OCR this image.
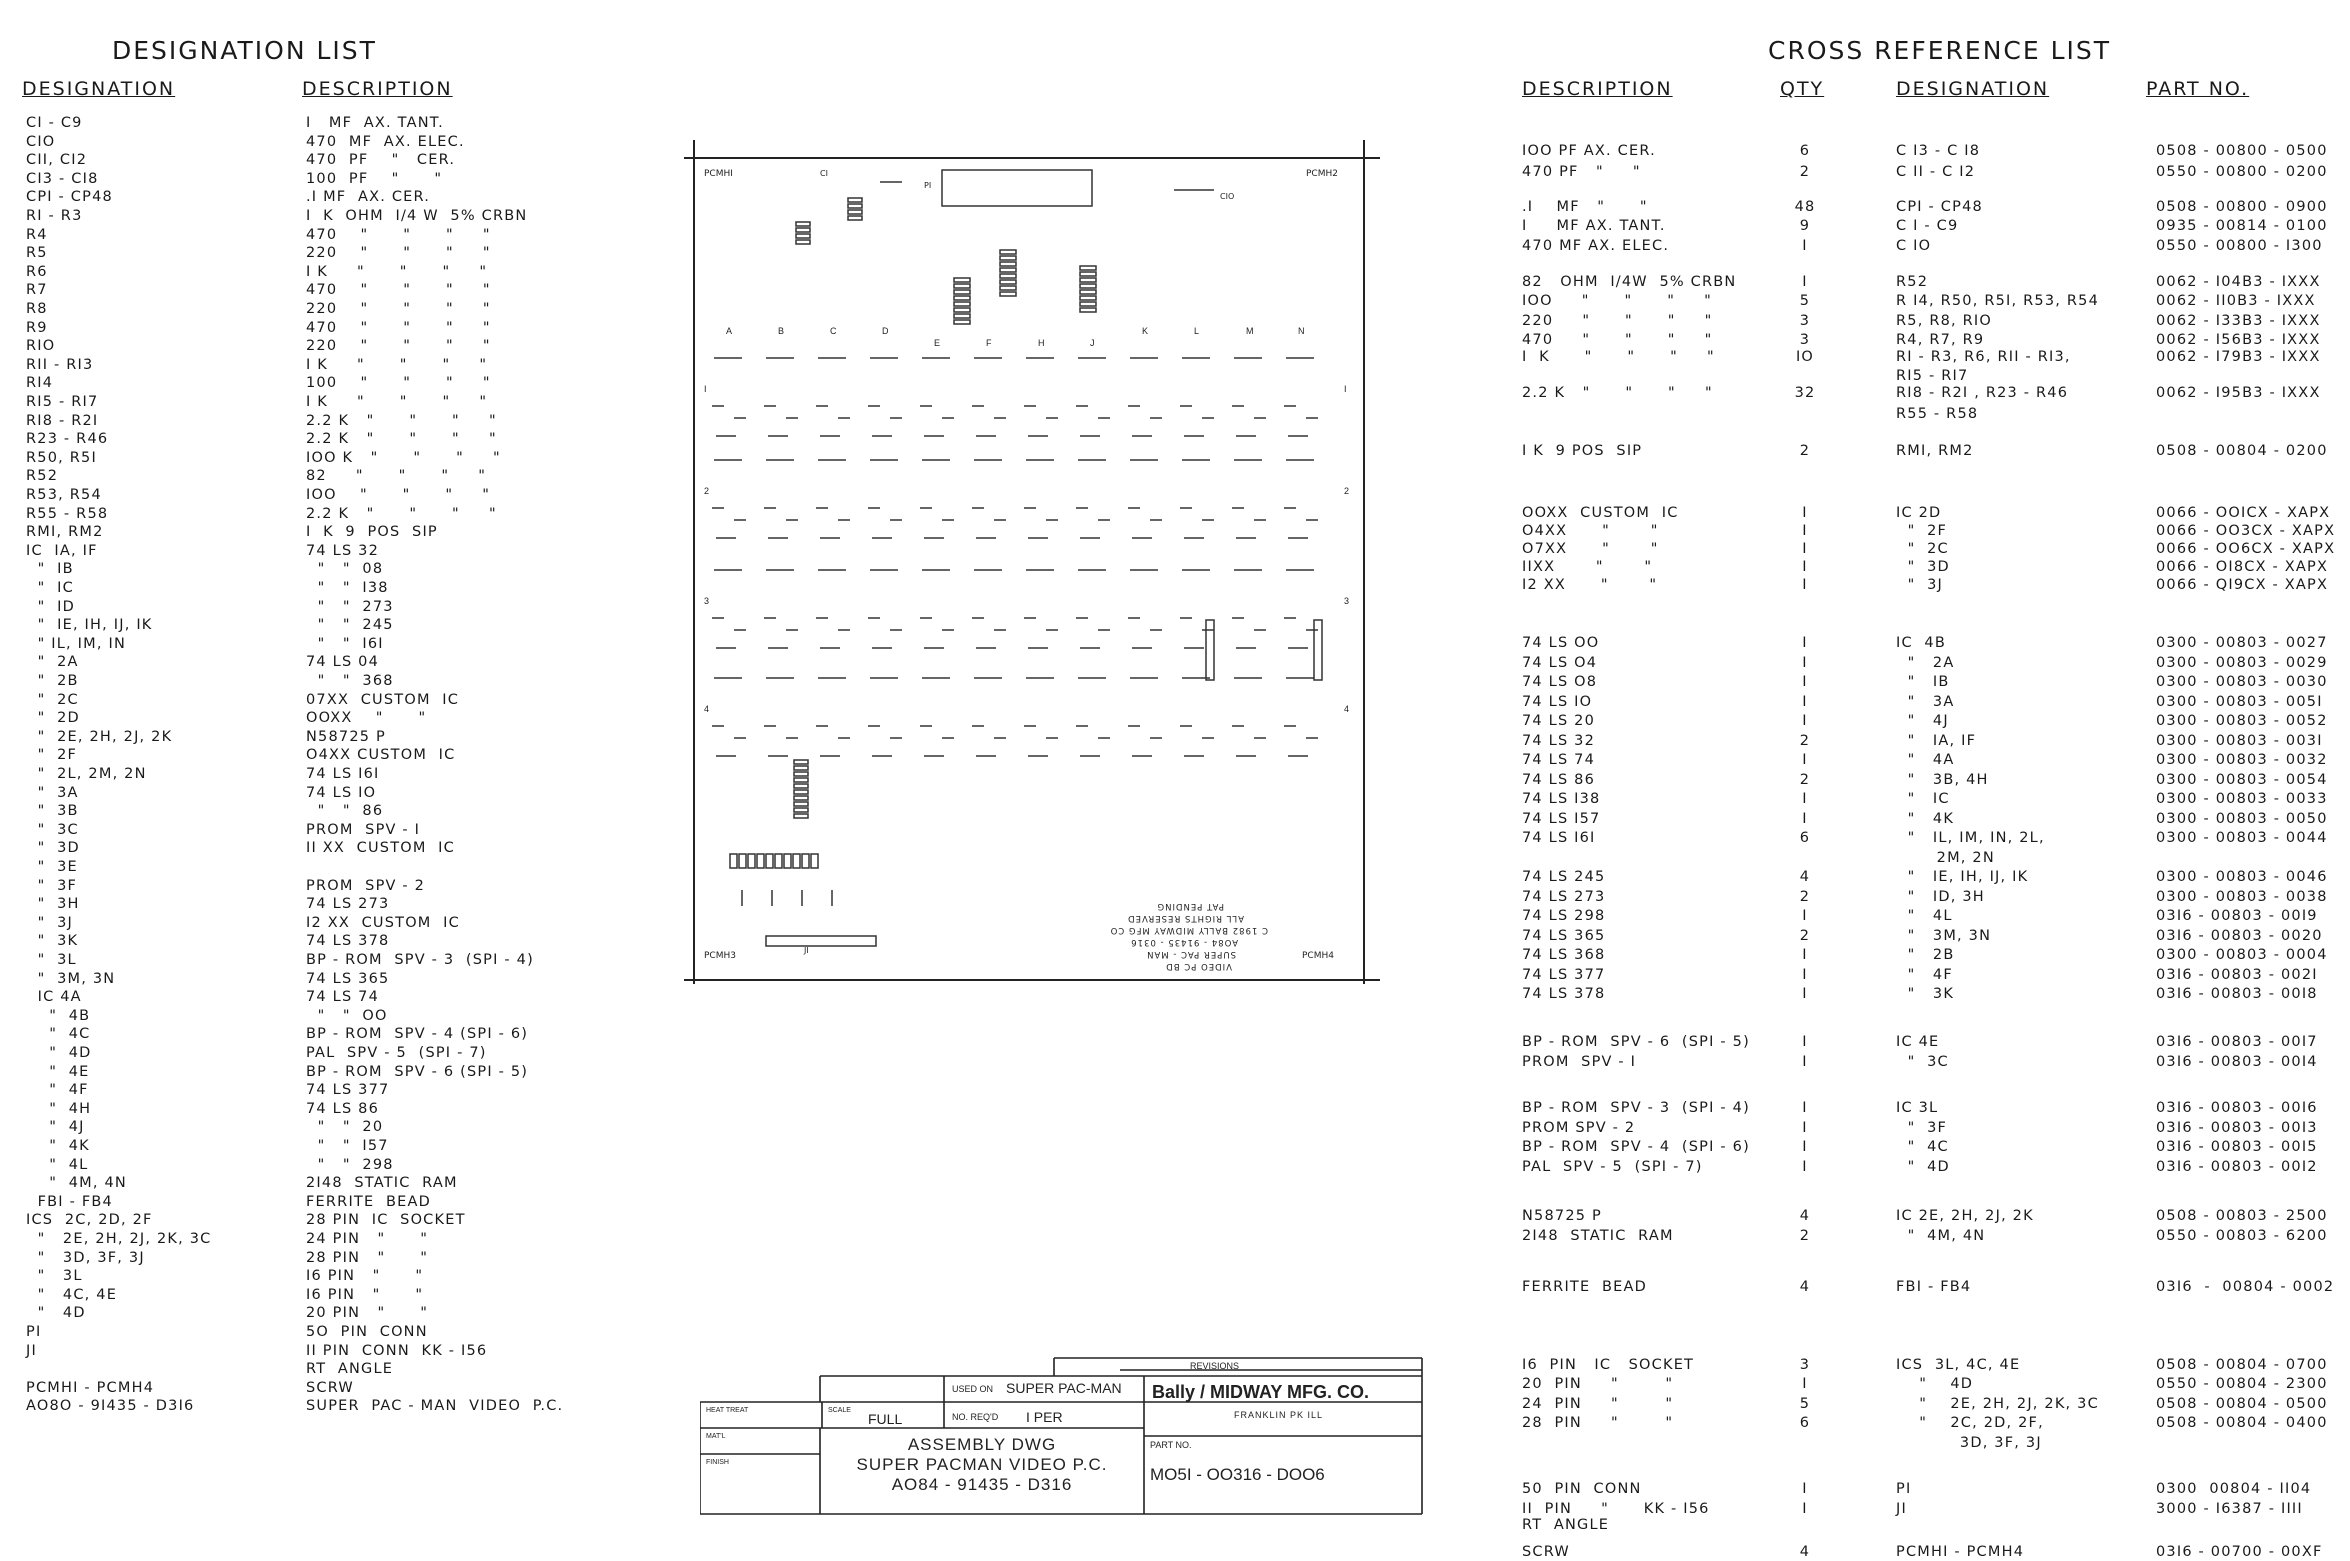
DESIGNATION LIST
DESIGNATION	DESCRIPTION
CI - C9	I   MF  AX. TANT.
CIO	470  MF  AX. ELEC.
CII, CI2	470  PF    "   CER.
CI3 - CI8	100  PF    "      "
CPI - CP48	.I MF  AX. CER.
RI - R3	I  K  OHM  I/4 W  5% CRBN
R4	470    "      "      "     "
R5	220    "      "      "     "
R6	I K     "      "      "     "
R7	470    "      "      "     "
R8	220    "      "      "     "
R9	470    "      "      "     "
RIO	220    "      "      "     "
RII - RI3	I K     "      "      "     "
RI4	100    "      "      "     "
RI5 - RI7	I K     "      "      "     "
RI8 - R2I	2.2 K   "      "      "     "
R23 - R46	2.2 K   "      "      "     "
R50, R5I	IOO K   "      "      "     "
R52	82     "      "      "     "
R53, R54	IOO    "      "      "     "
R55 - R58	2.2 K   "      "      "     "
RMI, RM2	I  K  9  POS  SIP
IC  IA, IF	74 LS 32
"  IB	"   "  08
"  IC	"   "  I38
"  ID	"   "  273
"  IE, IH, IJ, IK	"   "  245
" IL, IM, IN	"   "  I6I
"  2A	74 LS 04
"  2B	"   "  368
"  2C	07XX  CUSTOM  IC
"  2D	OOXX    "      "
"  2E, 2H, 2J, 2K	N58725 P
"  2F	O4XX CUSTOM  IC
"  2L, 2M, 2N	74 LS I6I
"  3A	74 LS IO
"  3B	"   "  86
"  3C	PROM  SPV - I
"  3D	II XX  CUSTOM  IC
"  3E
"  3F	PROM  SPV - 2
"  3H	74 LS 273
"  3J	I2 XX  CUSTOM  IC
"  3K	74 LS 378
"  3L	BP - ROM  SPV - 3  (SPI - 4)
"  3M, 3N	74 LS 365
IC 4A	74 LS 74
"  4B	"   "  OO
"  4C	BP - ROM  SPV - 4 (SPI - 6)
"  4D	PAL  SPV - 5  (SPI - 7)
"  4E	BP - ROM  SPV - 6 (SPI - 5)
"  4F	74 LS 377
"  4H	74 LS 86
"  4J	"   "  20
"  4K	"   "  I57
"  4L	"   "  298
"  4M, 4N	2I48  STATIC  RAM
FBI - FB4	FERRITE  BEAD
ICS  2C, 2D, 2F	28 PIN  IC  SOCKET
"   2E, 2H, 2J, 2K, 3C	24 PIN   "      "
"   3D, 3F, 3J	28 PIN   "      "
"   3L	I6 PIN   "      "
"   4C, 4E	I6 PIN   "      "
"   4D	20 PIN   "      "
PI	5O  PIN  CONN
JI	II PIN  CONN  KK - I56
RT  ANGLE
PCMHI - PCMH4	SCRW
AO8O - 9I435 - D3I6	SUPER  PAC - MAN  VIDEO  P.C.
CROSS REFERENCE LIST
DESCRIPTION	QTY	DESIGNATION	PART NO.
IOO PF AX. CER.	6	C I3 - C I8	0508 - 00800 - 0500
470 PF   "     "	2	C II - C I2	0550 - 00800 - 0200
.I    MF   "      "	48	CPI - CP48	0508 - 00800 - 0900
I     MF AX. TANT.	9	C I - C9	0935 - 00814 - 0100
470 MF AX. ELEC.	I	C IO	0550 - 00800 - I300
82   OHM  I/4W  5% CRBN	I	R52	0062 - I04B3 - IXXX
IOO     "      "      "     "	5	R I4, R50, R5I, R53, R54	0062 - II0B3 - IXXX
220     "      "      "     "	3	R5, R8, RIO	0062 - I33B3 - IXXX
470     "      "      "     "	3	R4, R7, R9	0062 - I56B3 - IXXX
I  K      "      "      "     "	IO	RI - R3, R6, RII - RI3,	0062 - I79B3 - IXXX
RI5 - RI7
2.2 K   "      "      "     "	32	RI8 - R2I , R23 - R46	0062 - I95B3 - IXXX
R55 - R58
I K  9 POS  SIP	2	RMI, RM2	0508 - 00804 - 0200
OOXX  CUSTOM  IC	I	IC 2D	0066 - OOICX - XAPX
O4XX      "       "	I	"  2F	0066 - OO3CX - XAPX
O7XX      "       "	I	"  2C	0066 - OO6CX - XAPX
IIXX       "       "	I	"  3D	0066 - OI8CX - XAPX
I2 XX      "       "	I	"  3J	0066 - QI9CX - XAPX
74 LS OO	I	IC  4B	0300 - 00803 - 0027
74 LS O4	I	"   2A	0300 - 00803 - 0029
74 LS O8	I	"   IB	0300 - 00803 - 0030
74 LS IO	I	"   3A	0300 - 00803 - 005I
74 LS 20	I	"   4J	0300 - 00803 - 0052
74 LS 32	2	"   IA, IF	0300 - 00803 - 003I
74 LS 74	I	"   4A	0300 - 00803 - 0032
74 LS 86	2	"   3B, 4H	0300 - 00803 - 0054
74 LS I38	I	"   IC	0300 - 00803 - 0033
74 LS I57	I	"   4K	0300 - 00803 - 0050
74 LS I6I	6	"   IL, IM, IN, 2L,	0300 - 00803 - 0044
2M, 2N
74 LS 245	4	"   IE, IH, IJ, IK	0300 - 00803 - 0046
74 LS 273	2	"   ID, 3H	0300 - 00803 - 0038
74 LS 298	I	"   4L	03I6 - 00803 - 00I9
74 LS 365	2	"   3M, 3N	03I6 - 00803 - 0020
74 LS 368	I	"   2B	0300 - 00803 - 0004
74 LS 377	I	"   4F	03I6 - 00803 - 002I
74 LS 378	I	"   3K	03I6 - 00803 - 00I8
BP - ROM  SPV - 6  (SPI - 5)	I	IC 4E	03I6 - 00803 - 00I7
PROM  SPV - I	I	"  3C	03I6 - 00803 - 00I4
BP - ROM  SPV - 3  (SPI - 4)	I	IC 3L	03I6 - 00803 - 00I6
PROM SPV - 2	I	"  3F	03I6 - 00803 - 00I3
BP - ROM  SPV - 4  (SPI - 6)	I	"  4C	03I6 - 00803 - 00I5
PAL  SPV - 5  (SPI - 7)	I	"  4D	03I6 - 00803 - 00I2
N58725 P	4	IC 2E, 2H, 2J, 2K	0508 - 00803 - 2500
2I48  STATIC  RAM	2	"  4M, 4N	0550 - 00803 - 6200
FERRITE  BEAD	4	FBI - FB4	03I6  -  00804 - 0002
I6  PIN   IC   SOCKET	3	ICS  3L, 4C, 4E	0508 - 00804 - 0700
20  PIN     "        "	I	"    4D	0550 - 00804 - 2300
24  PIN     "        "	5	"    2E, 2H, 2J, 2K, 3C	0508 - 00804 - 0500
28  PIN     "        "	6	"    2C, 2D, 2F,	0508 - 00804 - 0400
3D, 3F, 3J
50  PIN  CONN	I	PI	0300  00804 - II04
II  PIN     "      KK - I56	I	JI	3000 - I6387 - IIII
RT  ANGLE
SCRW	4	PCMHI - PCMH4	03I6 - 00700 - 00XF
A	B	C	D
E	F	H	J
K	L	M	N
I	I
2	2
3	3
4	4
PCMHI	PCMH2
PCMH3	PCMH4
PI
CIO
CI
JI
VIDEO PC BD
SUPER PAC - MAN
AO84 - 91435 - 0316
C 1982 BALLY MIDWAY MFG CO
ALL RIGHTS RESERVED
PAT PENDING
REVISIONS
USED ON SUPER PAC-MAN
HEAT TREAT	SCALE
FULL	NO. REQ'D I PER
MAT'L
FINISH
ASSEMBLY DWG
SUPER PACMAN VIDEO P.C.
AO84 - 91435 - D316
Bally / MIDWAY MFG. CO.
FRANKLIN PK ILL
PART NO.
MO5I - OO316 - DOO6
